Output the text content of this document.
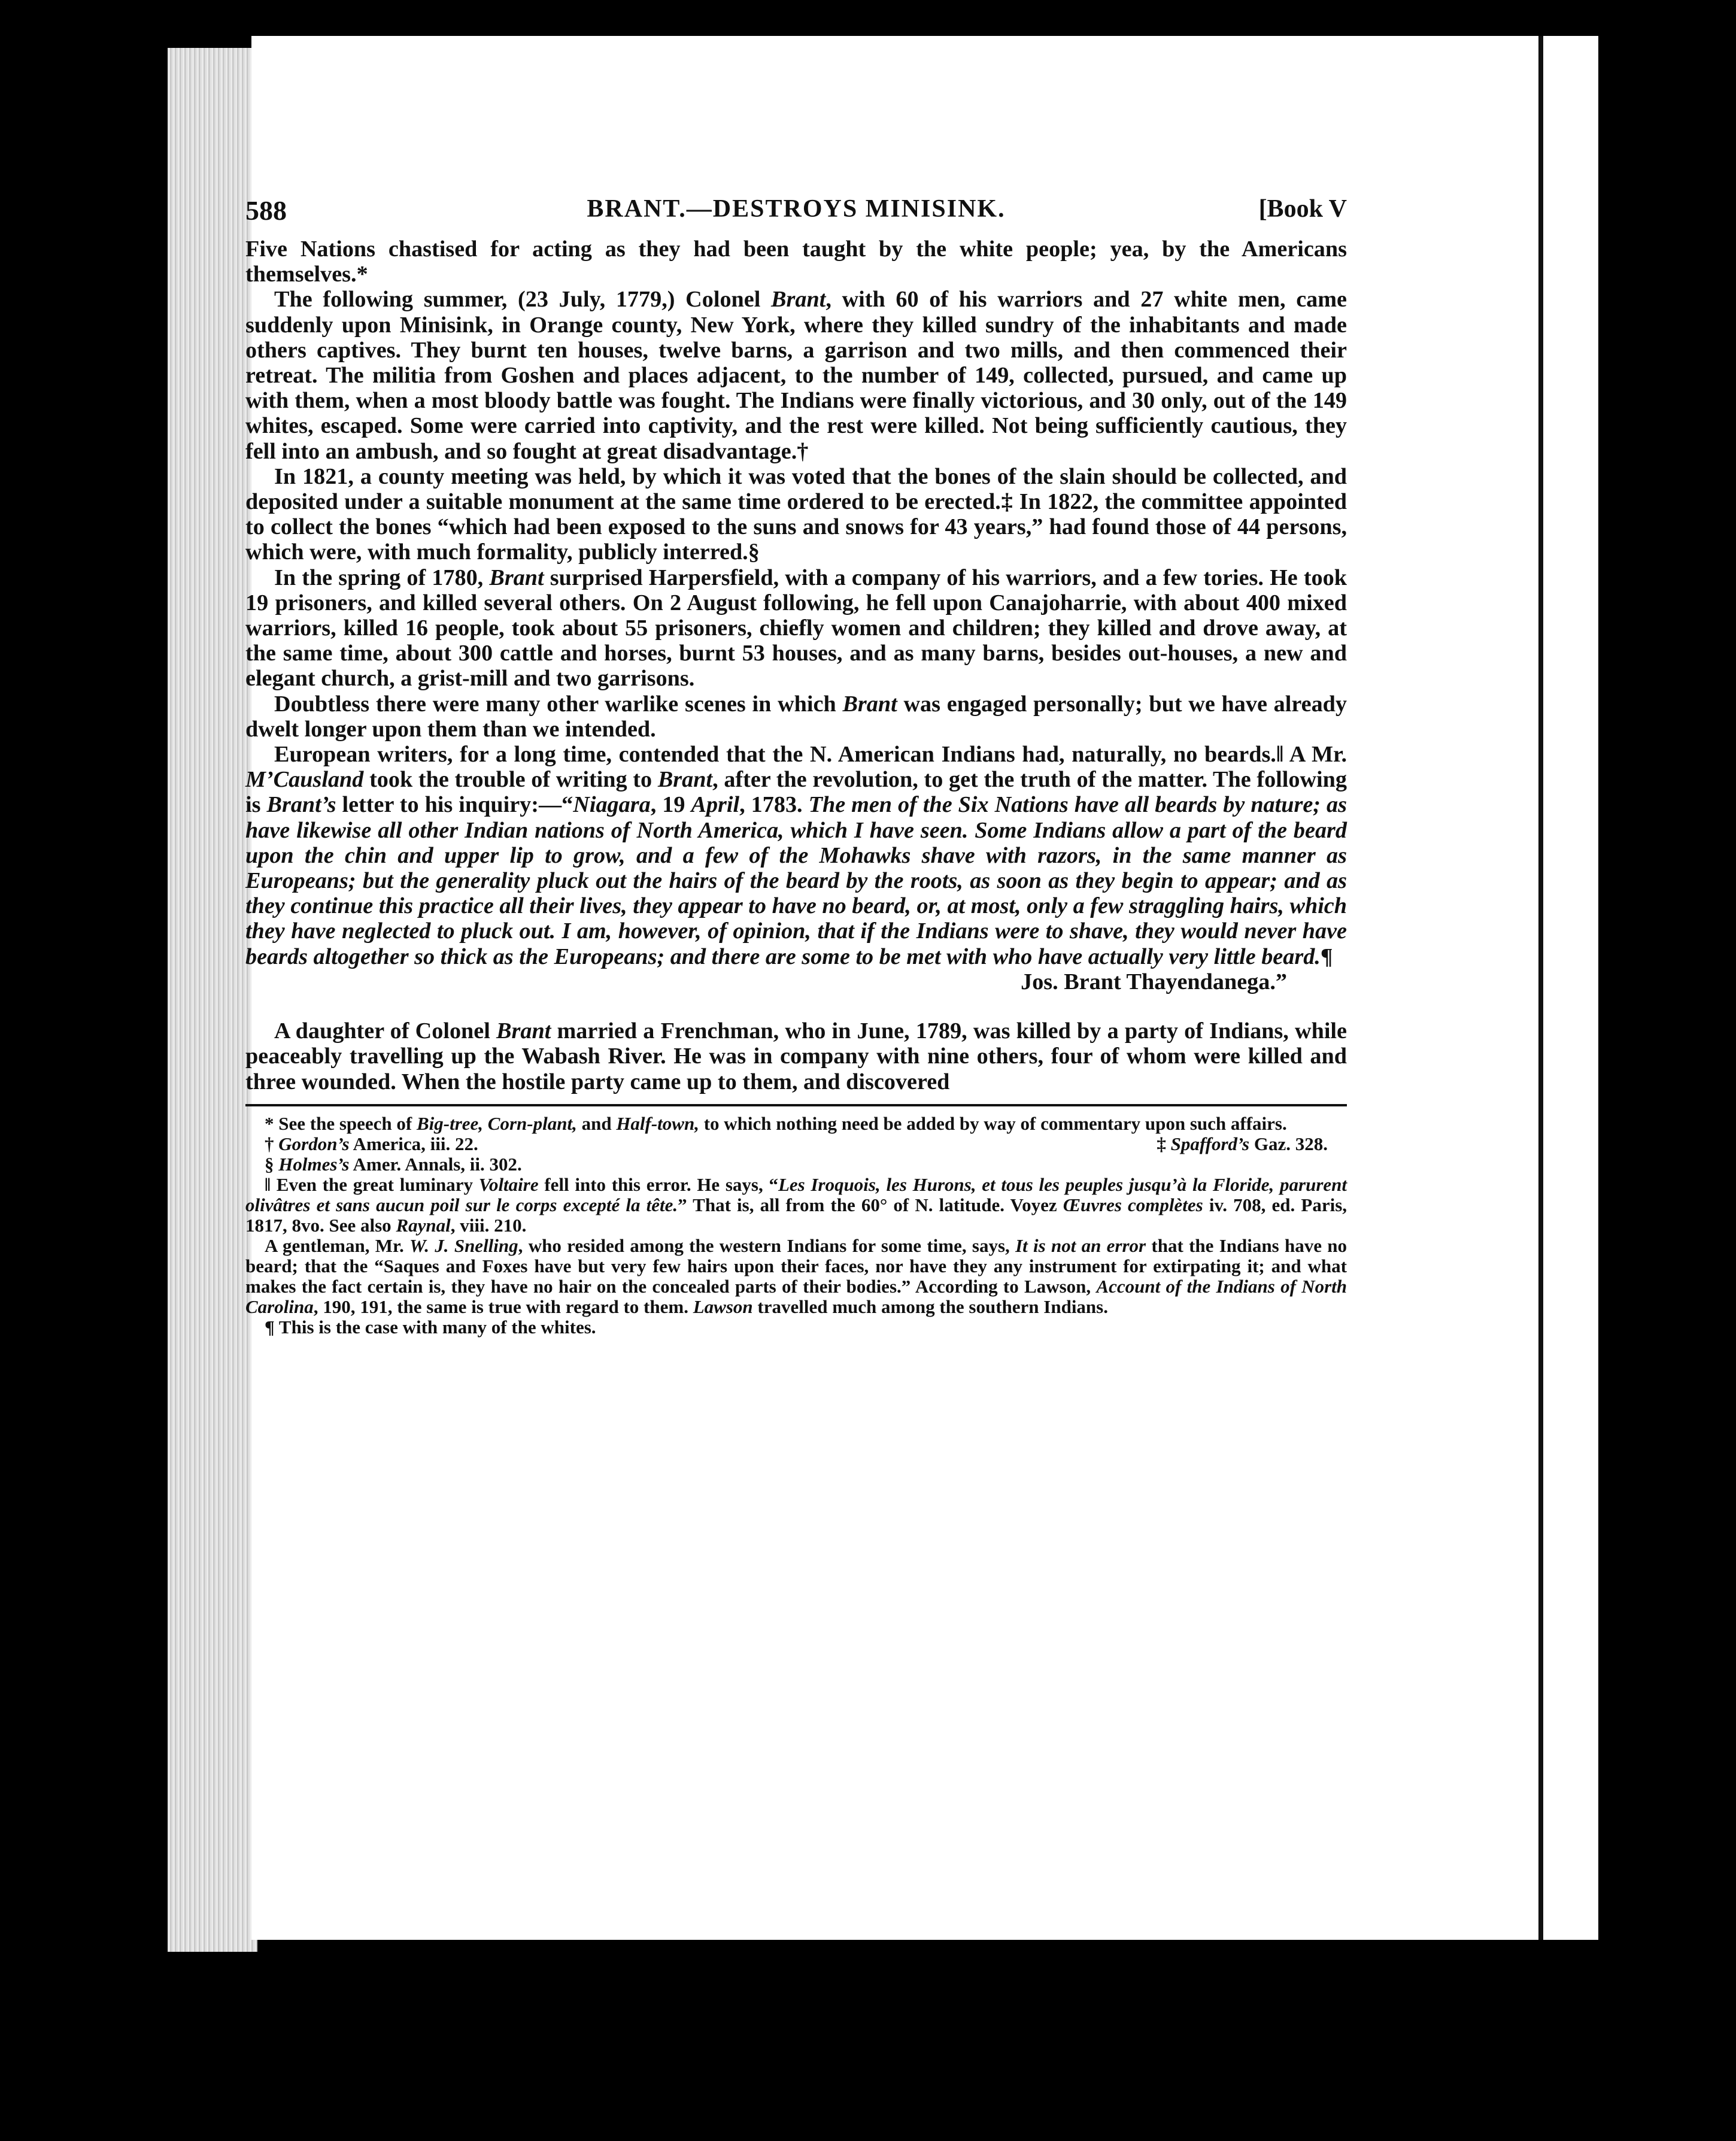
588	BRANT.—DESTROYS MINISINK.	[Book V

Five Nations chastised for acting as they had been taught by the white people; yea, by the Americans themselves.*

The following summer, (23 July, 1779,) Colonel Brant, with 60 of his warriors and 27 white men, came suddenly upon Minisink, in Orange county, New York, where they killed sundry of the inhabitants and made others captives. They burnt ten houses, twelve barns, a garrison and two mills, and then commenced their retreat. The militia from Goshen and places adjacent, to the number of 149, collected, pursued, and came up with them, when a most bloody battle was fought. The Indians were finally victorious, and 30 only, out of the 149 whites, escaped. Some were carried into captivity, and the rest were killed. Not being sufficiently cautious, they fell into an ambush, and so fought at great disadvantage.†

In 1821, a county meeting was held, by which it was voted that the bones of the slain should be collected, and deposited under a suitable monument at the same time ordered to be erected.‡ In 1822, the committee appointed to collect the bones “which had been exposed to the suns and snows for 43 years,” had found those of 44 persons, which were, with much formality, publicly interred.§

In the spring of 1780, Brant surprised Harpersfield, with a company of his warriors, and a few tories. He took 19 prisoners, and killed several others. On 2 August following, he fell upon Canajoharrie, with about 400 mixed warriors, killed 16 people, took about 55 prisoners, chiefly women and children; they killed and drove away, at the same time, about 300 cattle and horses, burnt 53 houses, and as many barns, besides out-houses, a new and elegant church, a grist-mill and two garrisons.

Doubtless there were many other warlike scenes in which Brant was engaged personally; but we have already dwelt longer upon them than we intended.

European writers, for a long time, contended that the N. American Indians had, naturally, no beards.‖ A Mr. M’Causland took the trouble of writing to Brant, after the revolution, to get the truth of the matter. The following is Brant’s letter to his inquiry:—“Niagara, 19 April, 1783. The men of the Six Nations have all beards by nature; as have likewise all other Indian nations of North America, which I have seen. Some Indians allow a part of the beard upon the chin and upper lip to grow, and a few of the Mohawks shave with razors, in the same manner as Europeans; but the generality pluck out the hairs of the beard by the roots, as soon as they begin to appear; and as they continue this practice all their lives, they appear to have no beard, or, at most, only a few straggling hairs, which they have neglected to pluck out. I am, however, of opinion, that if the Indians were to shave, they would never have beards altogether so thick as the Europeans; and there are some to be met with who have actually very little beard.¶

Jos. Brant Thayendanega.”

A daughter of Colonel Brant married a Frenchman, who in June, 1789, was killed by a party of Indians, while peaceably travelling up the Wabash River. He was in company with nine others, four of whom were killed and three wounded. When the hostile party came up to them, and discovered

* See the speech of Big-tree, Corn-plant, and Half-town, to which nothing need be added by way of commentary upon such affairs.

† Gordon’s America, iii. 22.	‡ Spafford’s Gaz. 328.

§ Holmes’s Amer. Annals, ii. 302.

‖ Even the great luminary Voltaire fell into this error. He says, “Les Iroquois, les Hurons, et tous les peuples jusqu’à la Floride, parurent olivâtres et sans aucun poil sur le corps excepté la tête.” That is, all from the 60° of N. latitude. Voyez Œuvres complètes iv. 708, ed. Paris, 1817, 8vo. See also Raynal, viii. 210.

A gentleman, Mr. W. J. Snelling, who resided among the western Indians for some time, says, It is not an error that the Indians have no beard; that the “Saques and Foxes have but very few hairs upon their faces, nor have they any instrument for extirpating it; and what makes the fact certain is, they have no hair on the concealed parts of their bodies.” According to Lawson, Account of the Indians of North Carolina, 190, 191, the same is true with regard to them. Lawson travelled much among the southern Indians.

¶ This is the case with many of the whites.
